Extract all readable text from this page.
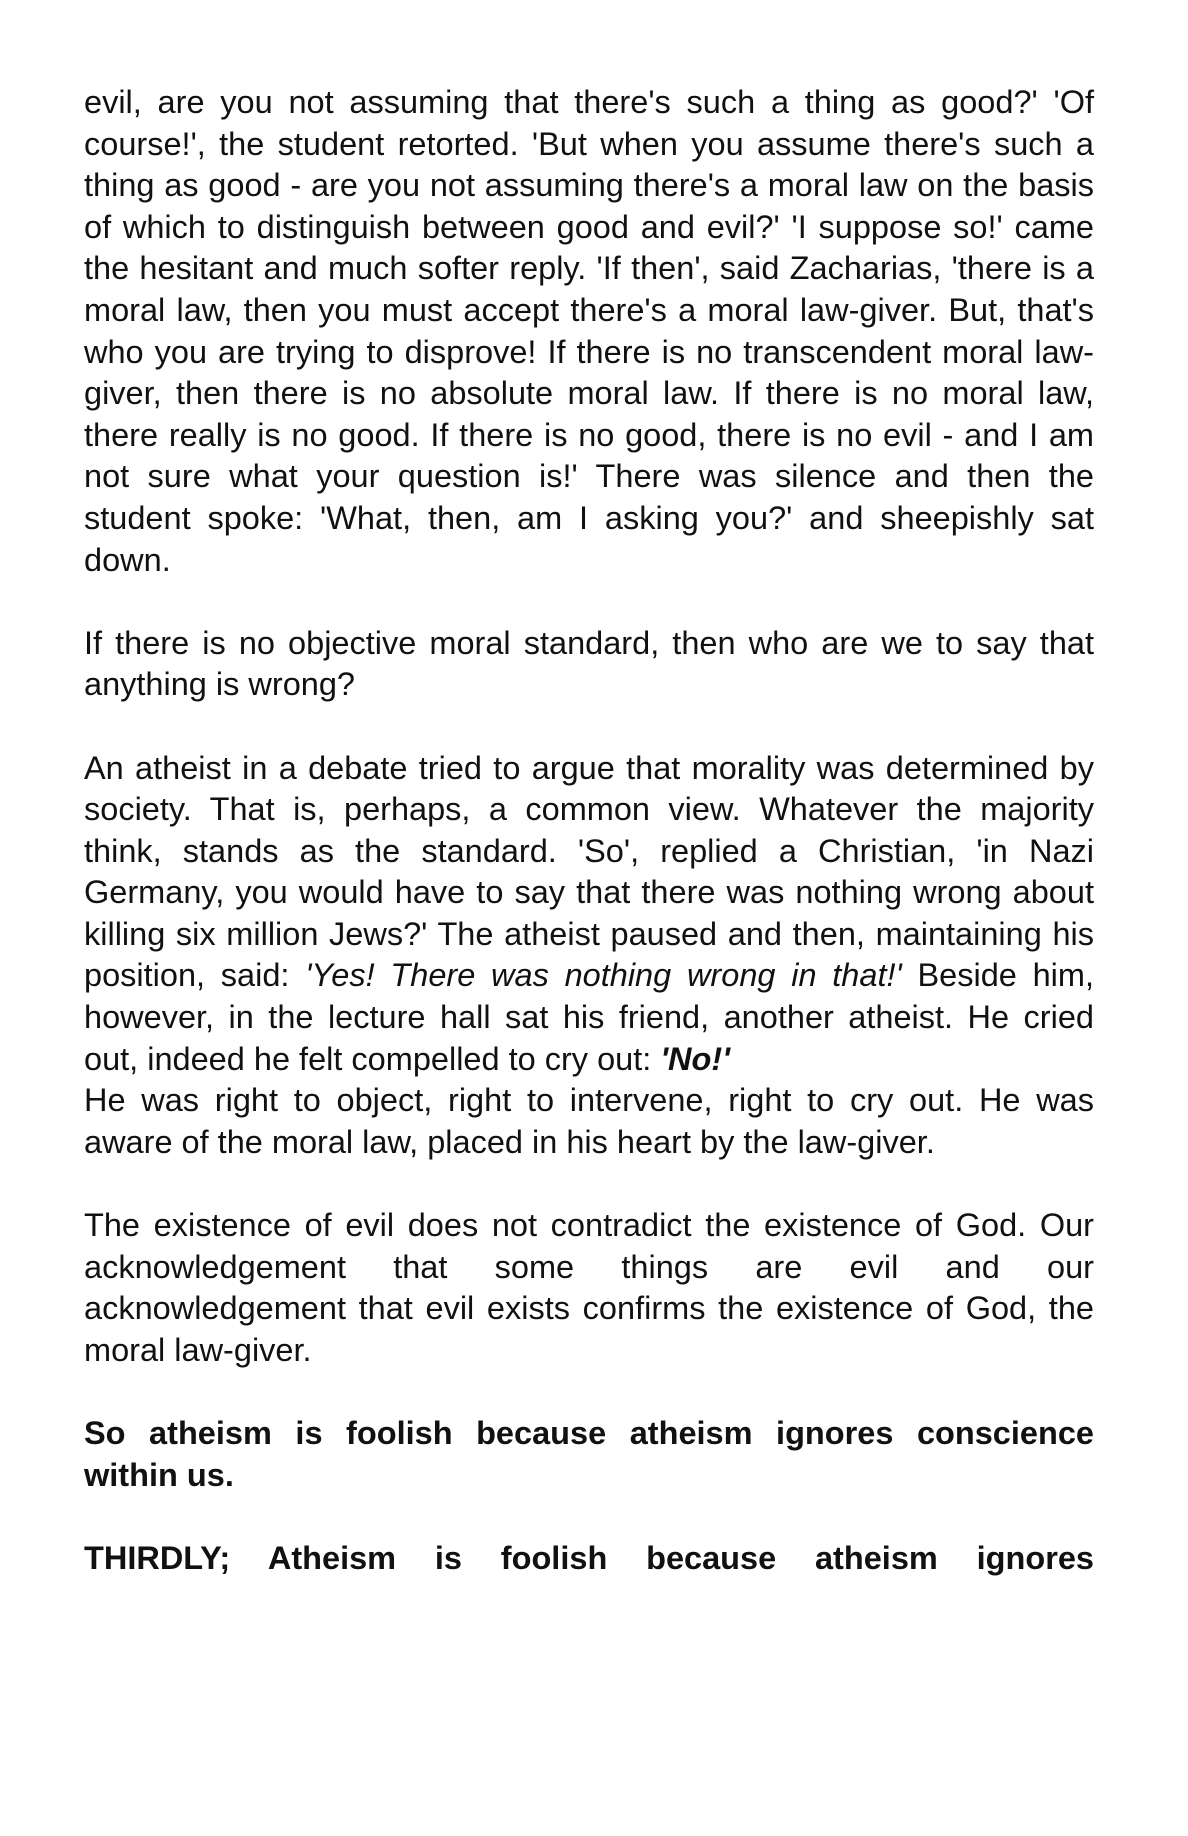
evil, are you not assuming that there's such a thing as good?' 'Of course!', the student retorted. 'But when you assume there's such a thing as good - are you not assuming there's a moral law on the basis of which to distinguish between good and evil?' 'I suppose so!' came the hesitant and much softer reply. 'If then', said Zacharias, 'there is a moral law, then you must accept there's a moral law-giver. But, that's who you are trying to disprove! If there is no transcendent moral law-giver, then there is no absolute moral law. If there is no moral law, there really is no good. If there is no good, there is no evil - and I am not sure what your question is!' There was silence and then the student spoke: 'What, then, am I asking you?' and sheepishly sat down.

If there is no objective moral standard, then who are we to say that anything is wrong?

An atheist in a debate tried to argue that morality was determined by society. That is, perhaps, a common view. Whatever the majority think, stands as the standard. 'So', replied a Christian, 'in Nazi Germany, you would have to say that there was nothing wrong about killing six million Jews?' The atheist paused and then, maintaining his position, said: 'Yes! There was nothing wrong in that!' Beside him, however, in the lecture hall sat his friend, another atheist. He cried out, indeed he felt compelled to cry out: 'No!'

He was right to object, right to intervene, right to cry out. He was aware of the moral law, placed in his heart by the law-giver.

The existence of evil does not contradict the existence of God. Our acknowledgement that some things are evil and our acknowledgement that evil exists confirms the existence of God, the moral law-giver.

So atheism is foolish because atheism ignores conscience within us.

THIRDLY; Atheism is foolish because atheism ignores
